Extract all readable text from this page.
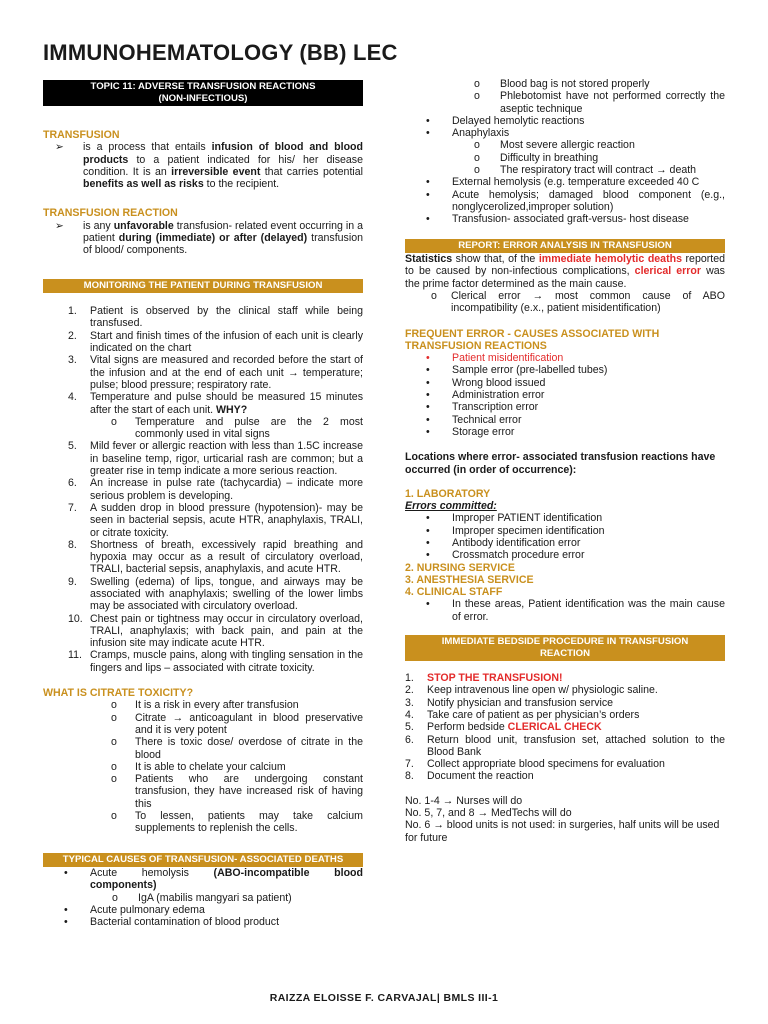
IMMUNOHEMATOLOGY (BB) LEC
TOPIC 11: ADVERSE TRANSFUSION REACTIONS
(NON-INFECTIOUS)
TRANSFUSION
➢	is a process that entails infusion of blood and blood products to a patient indicated for his/ her disease condition. It is an irreversible event that carries potential benefits as well as risks to the recipient.
TRANSFUSION REACTION
➢	is any unfavorable transfusion- related event occurring in a patient during (immediate) or after (delayed) transfusion of blood/ components.
MONITORING THE PATIENT DURING TRANSFUSION
1.	Patient is observed by the clinical staff while being transfused.
2.	Start and finish times of the infusion of each unit is clearly indicated on the chart
3.	Vital signs are measured and recorded before the start of the infusion and at the end of each unit → temperature; pulse; blood pressure; respiratory rate.
4.	Temperature and pulse should be measured 15 minutes after the start of each unit. WHY?
o	Temperature and pulse are the 2 most commonly used in vital signs
5.	Mild fever or allergic reaction with less than 1.5C increase in baseline temp, rigor, urticarial rash are common; but a greater rise in temp indicate a more serious reaction.
6.	An increase in pulse rate (tachycardia) – indicate more serious problem is developing.
7.	A sudden drop in blood pressure (hypotension)- may be seen in bacterial sepsis, acute HTR, anaphylaxis, TRALI, or citrate toxicity.
8.	Shortness of breath, excessively rapid breathing and hypoxia may occur as a result of circulatory overload, TRALI, bacterial sepsis, anaphylaxis, and acute HTR.
9.	Swelling (edema) of lips, tongue, and airways may be associated with anaphylaxis; swelling of the lower limbs may be associated with circulatory overload.
10. Chest pain or tightness may occur in circulatory overload, TRALI, anaphylaxis; with back pain, and pain at the infusion site may indicate acute HTR.
11. Cramps, muscle pains, along with tingling sensation in the fingers and lips – associated with citrate toxicity.
WHAT IS CITRATE TOXICITY?
o	It is a risk in every after transfusion
o	Citrate → anticoagulant in blood preservative and it is very potent
o	There is toxic dose/ overdose of citrate in the blood
o	It is able to chelate your calcium
o	Patients who are undergoing constant transfusion, they have increased risk of having this
o	To lessen, patients may take calcium supplements to replenish the cells.
TYPICAL CAUSES OF TRANSFUSION- ASSOCIATED DEATHS
•	Acute hemolysis (ABO-incompatible blood components)
o	IgA (mabilis mangyari sa patient)
•	Acute pulmonary edema
•	Bacterial contamination of blood product
o	Blood bag is not stored properly
o	Phlebotomist have not performed correctly the aseptic technique
•	Delayed hemolytic reactions
•	Anaphylaxis
o	Most severe allergic reaction
o	Difficulty in breathing
o	The respiratory tract will contract → death
•	External hemolysis (e.g. temperature exceeded 40 C
•	Acute hemolysis; damaged blood component (e.g., nonglycerolized,improper solution)
•	Transfusion- associated graft-versus- host disease
REPORT: ERROR ANALYSIS IN TRANSFUSION
Statistics show that, of the immediate hemolytic deaths reported to be caused by non-infectious complications, clerical error was the prime factor determined as the main cause.
o	Clerical error → most common cause of ABO incompatibility (e.x., patient misidentification)
FREQUENT ERROR - CAUSES ASSOCIATED WITH TRANSFUSION REACTIONS
•	Patient misidentification
•	Sample error (pre-labelled tubes)
•	Wrong blood issued
•	Administration error
•	Transcription error
•	Technical error
•	Storage error
Locations where error- associated transfusion reactions have occurred (in order of occurrence):
1. LABORATORY
Errors committed:
•	Improper PATIENT identification
•	Improper specimen identification
•	Antibody identification error
•	Crossmatch procedure error
2. NURSING SERVICE
3. ANESTHESIA SERVICE
4. CLINICAL STAFF
•	In these areas, Patient identification was the main cause of error.
IMMEDIATE BEDSIDE PROCEDURE IN TRANSFUSION
REACTION
1.	STOP THE TRANSFUSION!
2.	Keep intravenous line open w/ physiologic saline.
3.	Notify physician and transfusion service
4.	Take care of patient as per physician’s orders
5.	Perform bedside CLERICAL CHECK
6.	Return blood unit, transfusion set, attached solution to the Blood Bank
7.	Collect appropriate blood specimens for evaluation
8.	Document the reaction
No. 1-4 → Nurses will do
No. 5, 7, and 8 → MedTechs will do
No. 6 → blood units is not used: in surgeries, half units will be used for future
RAIZZA ELOISSE F. CARVAJAL| BMLS III-1
